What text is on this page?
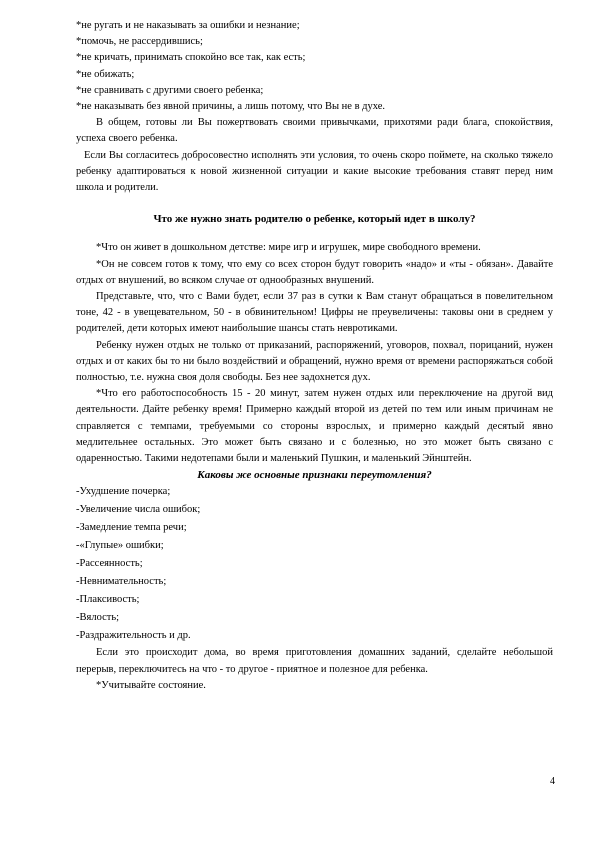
*не ругать и не наказывать за ошибки и незнание;

*помочь, не рассердившись;

*не кричать, принимать спокойно все так, как есть;

*не обижать;

*не сравнивать с другими своего ребенка;

*не наказывать без явной причины, а лишь потому, что Вы не в духе.

В общем, готовы ли Вы пожертвовать своими привычками, прихотями ради блага, спокойствия, успеха своего ребенка.

Если Вы согласитесь добросовестно исполнять эти условия, то очень скоро поймете, на сколько тяжело ребенку адаптироваться к новой жизненной ситуации и какие высокие требования ставят перед ним школа и родители.

Что же нужно знать родителю о ребенке, который идет в школу?

*Что он живет в дошкольном детстве: мире игр и игрушек, мире свободного времени.

*Он не совсем готов к тому, что ему со всех сторон будут говорить «надо» и «ты - обязан». Давайте отдых от внушений, во всяком случае от однообразных внушений.

Представьте, что, что с Вами будет, если 37 раз в сутки к Вам станут обращаться в повелительном тоне, 42 - в увещевательном, 50 - в обвинительном! Цифры не преувеличены: таковы они в среднем у родителей, дети которых имеют наибольшие шансы стать невротиками.

Ребенку нужен отдых не только от приказаний, распоряжений, уговоров, похвал, порицаний, нужен отдых и от каких бы то ни было воздействий и обращений, нужно время от времени распоряжаться собой полностью, т.е. нужна своя доля свободы. Без нее задохнется дух.

*Что его работоспособность 15 - 20 минут, затем нужен отдых или переключение на другой вид деятельности. Дайте ребенку время! Примерно каждый второй из детей по тем или иным причинам не справляется с темпами, требуемыми со стороны взрослых, и примерно каждый десятый явно медлительнее остальных. Это может быть связано и с болезнью, но это может быть связано с одаренностью. Такими недотепами были и маленький Пушкин, и маленький Эйнштейн.

Каковы же основные признаки переутомления?

-Ухудшение почерка;

-Увеличение числа ошибок;

-Замедление темпа речи;

-«Глупые» ошибки;

-Рассеянность;

-Невнимательность;

-Плаксивость;

-Вялость;

-Раздражительность и др.

Если это происходит дома, во время приготовления домашних заданий, сделайте небольшой перерыв, переключитесь на что - то другое - приятное и полезное для ребенка.

*Учитывайте состояние.

4
